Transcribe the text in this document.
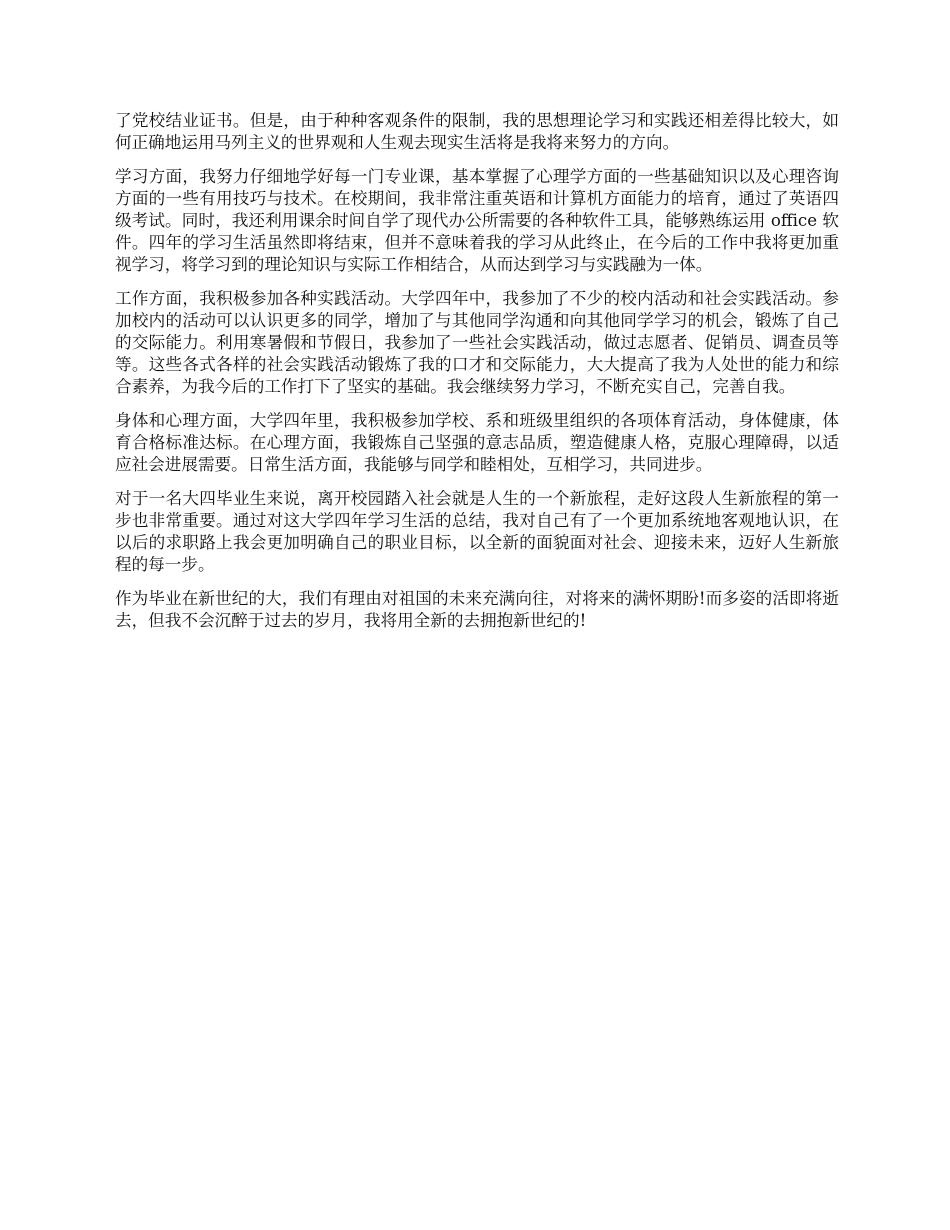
了党校结业证书。但是，由于种种客观条件的限制，我的思想理论学习和实践还相差得比较大，如何正确地运用马列主义的世界观和人生观去现实生活将是我将来努力的方向。

学习方面，我努力仔细地学好每一门专业课，基本掌握了心理学方面的一些基础知识以及心理咨询方面的一些有用技巧与技术。在校期间，我非常注重英语和计算机方面能力的培育，通过了英语四级考试。同时，我还利用课余时间自学了现代办公所需要的各种软件工具，能够熟练运用 office 软件。四年的学习生活虽然即将结束，但并不意味着我的学习从此终止，在今后的工作中我将更加重视学习，将学习到的理论知识与实际工作相结合，从而达到学习与实践融为一体。

工作方面，我积极参加各种实践活动。大学四年中，我参加了不少的校内活动和社会实践活动。参加校内的活动可以认识更多的同学，增加了与其他同学沟通和向其他同学学习的机会，锻炼了自己的交际能力。利用寒暑假和节假日，我参加了一些社会实践活动，做过志愿者、促销员、调查员等等。这些各式各样的社会实践活动锻炼了我的口才和交际能力，大大提高了我为人处世的能力和综合素养，为我今后的工作打下了坚实的基础。我会继续努力学习，不断充实自己，完善自我。

身体和心理方面，大学四年里，我积极参加学校、系和班级里组织的各项体育活动，身体健康，体育合格标准达标。在心理方面，我锻炼自己坚强的意志品质，塑造健康人格，克服心理障碍，以适应社会进展需要。日常生活方面，我能够与同学和睦相处，互相学习，共同进步。

对于一名大四毕业生来说，离开校园踏入社会就是人生的一个新旅程，走好这段人生新旅程的第一步也非常重要。通过对这大学四年学习生活的总结，我对自己有了一个更加系统地客观地认识，在以后的求职路上我会更加明确自己的职业目标，以全新的面貌面对社会、迎接未来，迈好人生新旅程的每一步。

作为毕业在新世纪的大，我们有理由对祖国的未来充满向往，对将来的满怀期盼!而多姿的活即将逝去，但我不会沉醉于过去的岁月，我将用全新的去拥抱新世纪的!
